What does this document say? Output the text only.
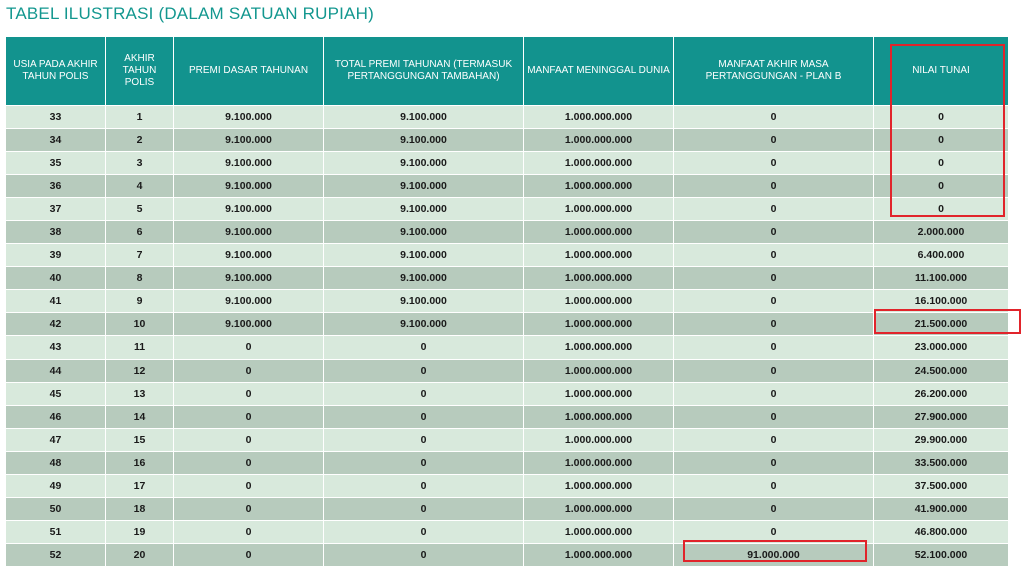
TABEL ILUSTRASI (DALAM SATUAN RUPIAH)
USIA PADA AKHIR TAHUN POLIS	AKHIR TAHUN POLIS	PREMI DASAR TAHUNAN	TOTAL PREMI TAHUNAN (TERMASUK PERTANGGUNGAN TAMBAHAN)	MANFAAT MENINGGAL DUNIA	MANFAAT AKHIR MASA PERTANGGUNGAN - PLAN B	NILAI TUNAI
33	1	9.100.000	9.100.000	1.000.000.000	0	0
34	2	9.100.000	9.100.000	1.000.000.000	0	0
35	3	9.100.000	9.100.000	1.000.000.000	0	0
36	4	9.100.000	9.100.000	1.000.000.000	0	0
37	5	9.100.000	9.100.000	1.000.000.000	0	0
38	6	9.100.000	9.100.000	1.000.000.000	0	2.000.000
39	7	9.100.000	9.100.000	1.000.000.000	0	6.400.000
40	8	9.100.000	9.100.000	1.000.000.000	0	11.100.000
41	9	9.100.000	9.100.000	1.000.000.000	0	16.100.000
42	10	9.100.000	9.100.000	1.000.000.000	0	21.500.000
43	11	0	0	1.000.000.000	0	23.000.000
44	12	0	0	1.000.000.000	0	24.500.000
45	13	0	0	1.000.000.000	0	26.200.000
46	14	0	0	1.000.000.000	0	27.900.000
47	15	0	0	1.000.000.000	0	29.900.000
48	16	0	0	1.000.000.000	0	33.500.000
49	17	0	0	1.000.000.000	0	37.500.000
50	18	0	0	1.000.000.000	0	41.900.000
51	19	0	0	1.000.000.000	0	46.800.000
52	20	0	0	1.000.000.000	91.000.000	52.100.000
